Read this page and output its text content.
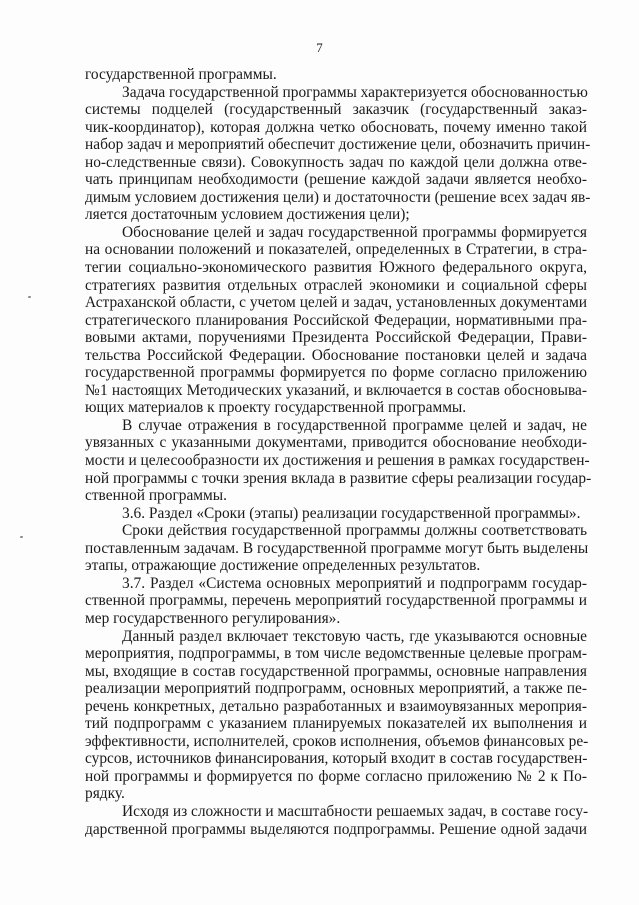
7
государственной программы.
Задача государственной программы характеризуется обоснованностью
системы подцелей (государственный заказчик (государственный заказ-
чик-координатор), которая должна четко обосновать, почему именно такой
набор задач и мероприятий обеспечит достижение цели, обозначить причин-
но-следственные связи). Совокупность задач по каждой цели должна отве-
чать принципам необходимости (решение каждой задачи является необхо-
димым условием достижения цели) и достаточности (решение всех задач яв-
ляется достаточным условием достижения цели);
Обоснование целей и задач государственной программы формируется
на основании положений и показателей, определенных в Стратегии, в стра-
тегии социально-экономического развития Южного федерального округа,
стратегиях развития отдельных отраслей экономики и социальной сферы
Астраханской области, с учетом целей и задач, установленных документами
стратегического планирования Российской Федерации, нормативными пра-
вовыми актами, поручениями Президента Российской Федерации, Прави-
тельства Российской Федерации. Обоснование постановки целей и задача
государственной программы формируется по форме согласно приложению
№1 настоящих Методических указаний, и включается в состав обосновыва-
ющих материалов к проекту государственной программы.
В случае отражения в государственной программе целей и задач, не
увязанных с указанными документами, приводится обоснование необходи-
мости и целесообразности их достижения и решения в рамках государствен-
ной программы с точки зрения вклада в развитие сферы реализации государ-
ственной программы.
3.6. Раздел «Сроки (этапы) реализации государственной программы».
Сроки действия государственной программы должны соответствовать
поставленным задачам. В государственной программе могут быть выделены
этапы, отражающие достижение определенных результатов.
3.7. Раздел «Система основных мероприятий и подпрограмм государ-
ственной программы, перечень мероприятий государственной программы и
мер государственного регулирования».
Данный раздел включает текстовую часть, где указываются основные
мероприятия, подпрограммы, в том числе ведомственные целевые програм-
мы, входящие в состав государственной программы, основные направления
реализации мероприятий подпрограмм, основных мероприятий, а также пе-
речень конкретных, детально разработанных и взаимоувязанных мероприя-
тий подпрограмм с указанием планируемых показателей их выполнения и
эффективности, исполнителей, сроков исполнения, объемов финансовых ре-
сурсов, источников финансирования, который входит в состав государствен-
ной программы и формируется по форме согласно приложению № 2 к По-
рядку.
Исходя из сложности и масштабности решаемых задач, в составе госу-
дарственной программы выделяются подпрограммы. Решение одной задачи
